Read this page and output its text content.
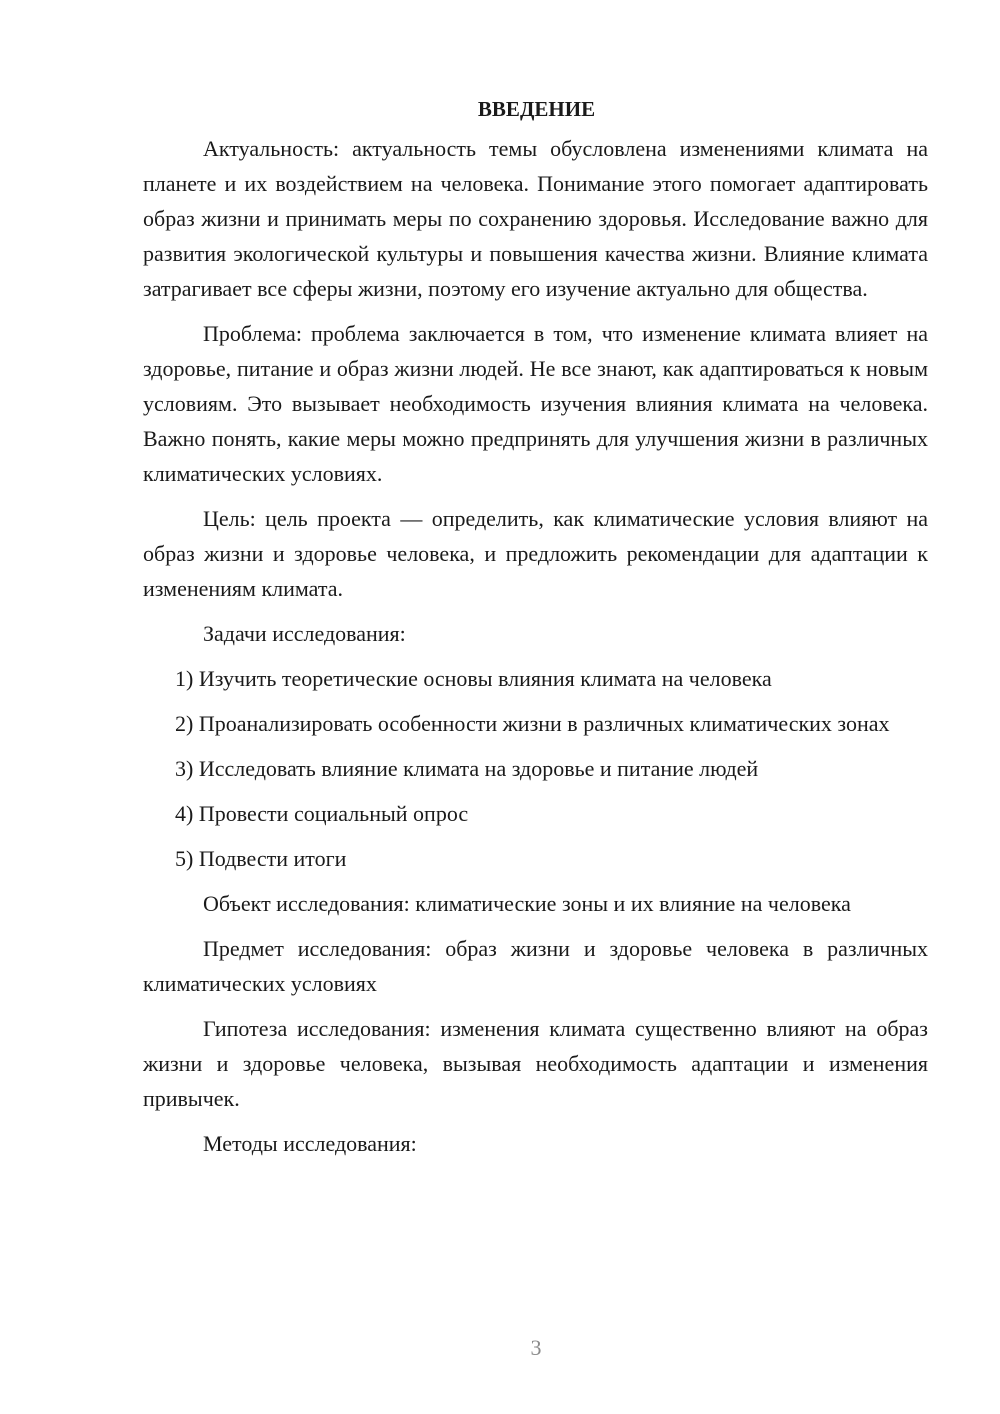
ВВЕДЕНИЕ

Актуальность: актуальность темы обусловлена изменениями климата на планете и их воздействием на человека. Понимание этого помогает адаптировать образ жизни и принимать меры по сохранению здоровья. Исследование важно для развития экологической культуры и повышения качества жизни. Влияние климата затрагивает все сферы жизни, поэтому его изучение актуально для общества.

Проблема: проблема заключается в том, что изменение климата влияет на здоровье, питание и образ жизни людей. Не все знают, как адаптироваться к новым условиям. Это вызывает необходимость изучения влияния климата на человека. Важно понять, какие меры можно предпринять для улучшения жизни в различных климатических условиях.

Цель: цель проекта — определить, как климатические условия влияют на образ жизни и здоровье человека, и предложить рекомендации для адаптации к изменениям климата.

Задачи исследования:

1) Изучить теоретические основы влияния климата на человека

2) Проанализировать особенности жизни в различных климатических зонах

3) Исследовать влияние климата на здоровье и питание людей

4) Провести социальный опрос

5) Подвести итоги

Объект исследования: климатические зоны и их влияние на человека

Предмет исследования: образ жизни и здоровье человека в различных климатических условиях

Гипотеза исследования: изменения климата существенно влияют на образ жизни и здоровье человека, вызывая необходимость адаптации и изменения привычек.

Методы исследования:

3
